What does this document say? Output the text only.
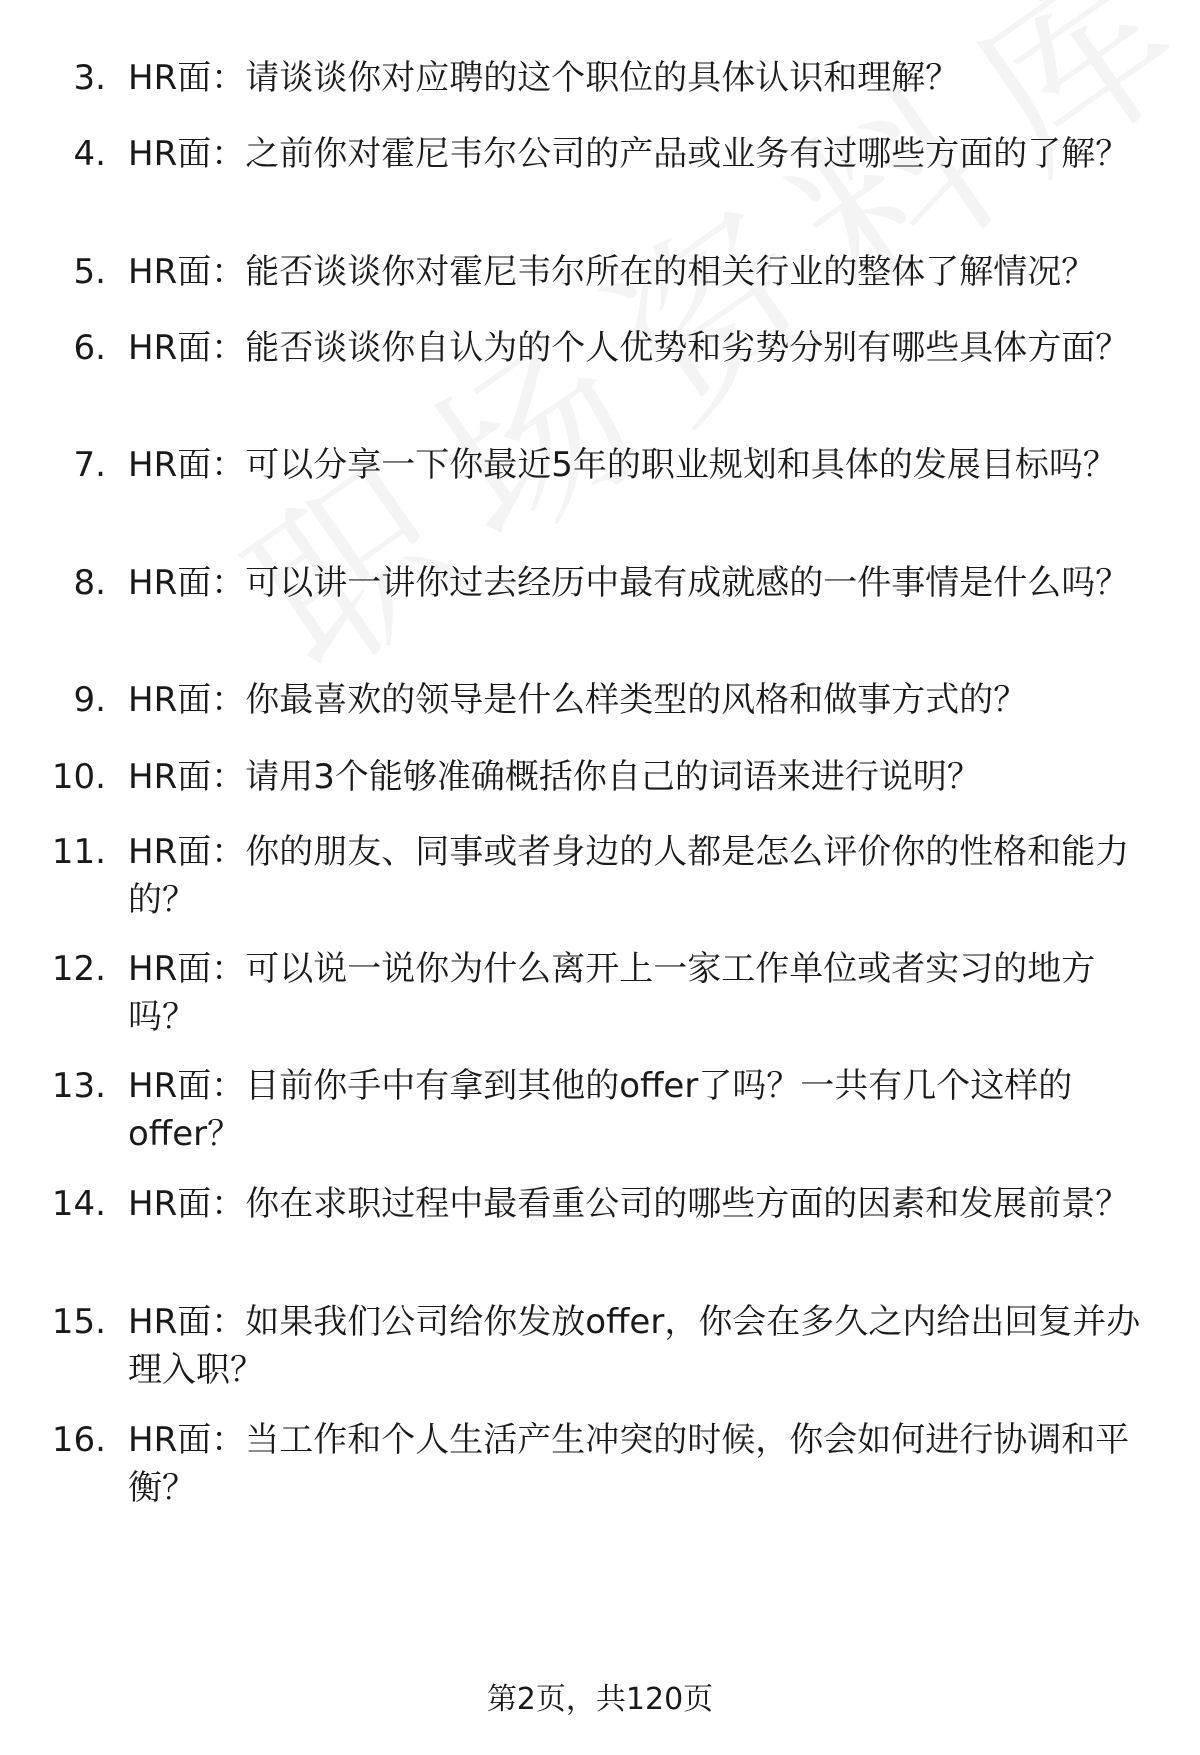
3. HR面：请谈谈你对应聘的这个职位的具体认识和理解？
4. HR面：之前你对霍尼韦尔公司的产品或业务有过哪些方面的了解？
5. HR面：能否谈谈你对霍尼韦尔所在的相关行业的整体了解情况？
6. HR面：能否谈谈你自认为的个人优势和劣势分别有哪些具体方面？
7. HR面：可以分享一下你最近5年的职业规划和具体的发展目标吗？
8. HR面：可以讲一讲你过去经历中最有成就感的一件事情是什么吗？
9. HR面：你最喜欢的领导是什么样类型的风格和做事方式的？
10. HR面：请用3个能够准确概括你自己的词语来进行说明？
11. HR面：你的朋友、同事或者身边的人都是怎么评价你的性格和能力的？
12. HR面：可以说一说你为什么离开上一家工作单位或者实习的地方吗？
13. HR面：目前你手中有拿到其他的offer了吗？一共有几个这样的offer？
14. HR面：你在求职过程中最看重公司的哪些方面的因素和发展前景？
15. HR面：如果我们公司给你发放offer，你会在多久之内给出回复并办理入职？
16. HR面：当工作和个人生活产生冲突的时候，你会如何进行协调和平衡？
第2页，共120页
